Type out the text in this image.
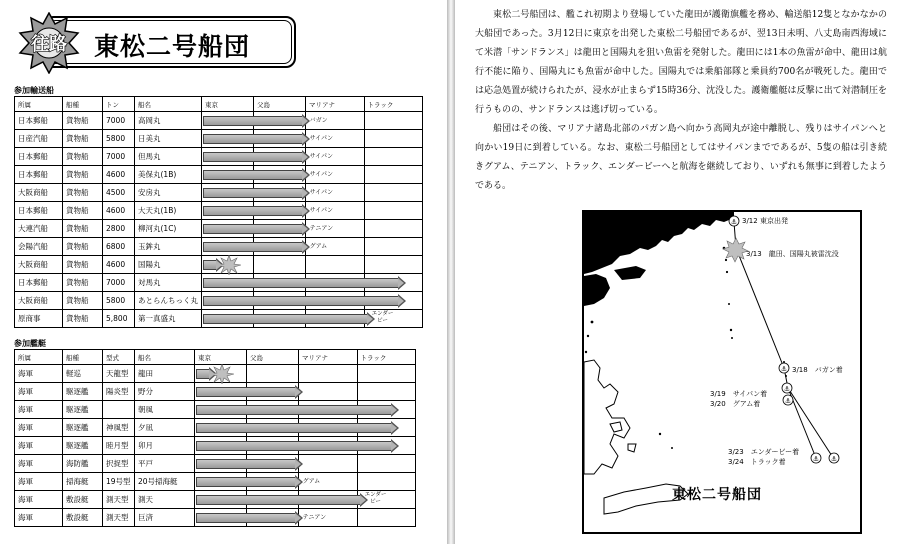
往路 東松二号船団
参加輸送船
所属	船種	トン	船名	東京		父島		マリアナ		トラック	
日本郵船	貨物船	7000	高岡丸	バガン							

日産汽船	貨物船	5800	日美丸	サイパン							

日本郵船	貨物船	7000	但馬丸	サイパン							

日本郵船	貨物船	4600	美保丸(1B)	サイパン							

大阪商船	貨物船	4500	安房丸	サイパン							

日本郵船	貨物船	4600	大天丸(1B)	サイパン							

大連汽船	貨物船	2800	柳河丸(1C)	テニアン							

会陽汽船	貨物船	6800	玉鉾丸	グアム							

大阪商船	貨物船	4600	国陽丸	

日本郵船	貨物船	7000	対馬丸	

大阪商船	貨物船	5800	あとらんちっく丸	

原商事	貨物船	5,800	第一真盛丸	エンダー
ビー							

参加艦艇
所属	船種	型式	船名	東京		父島		マリアナ		トラック	
海軍	軽巡	天龍型	龍田	

海軍	駆逐艦	陽炎型	野分	

海軍	駆逐艦		朝風	

海軍	駆逐艦	神風型	夕凪	

海軍	駆逐艦	睦月型	卯月	

海軍	海防艦	択捉型	平戸	

海軍	掃海艇	19号型	20号掃海艇	グアム							

海軍	敷設艇	測天型	測天	エンダー
ビー							

海軍	敷設艇	測天型	巨済	テニアン							

東松二号船団は、艦これ初期より登場していた龍田が護衛旗艦を務め、輸送船12隻となかなかの大船団であった。3月12日に東京を出発した東松二号船団であるが、翌13日未明、八丈島南西海域にて米潜「サンドランス」は龍田と国陽丸を狙い魚雷を発射した。龍田には1本の魚雷が命中、龍田は航行不能に陥り、国陽丸にも魚雷が命中した。国陽丸では乗船部隊と乗員約700名が戦死した。龍田では応急処置が続けられたが、浸水が止まらず15時36分、沈没した。護衛艦艇は反撃に出て対潜制圧を行うものの、サンドランスは逃げ切っている。

船団はその後、マリアナ諸島北部のパガン島へ向かう高岡丸が途中離脱し、残りはサイパンへと向かい19日に到着している。なお、東松二号船団としてはサイパンまでであるが、5隻の船は引き続きグアム、テニアン、トラック、エンダービーへと航海を継続しており、いずれも無事に到着したようである。

⚓
⚓
⚓
⚓
⚓ ⚓
3/12 東京出発
3/13　龍田、国陽丸被雷沈没
3/18　バガン着
3/19　サイパン着
3/20　グアム着
3/23　エンダービー着
3/24　トラック着
東松二号船団
